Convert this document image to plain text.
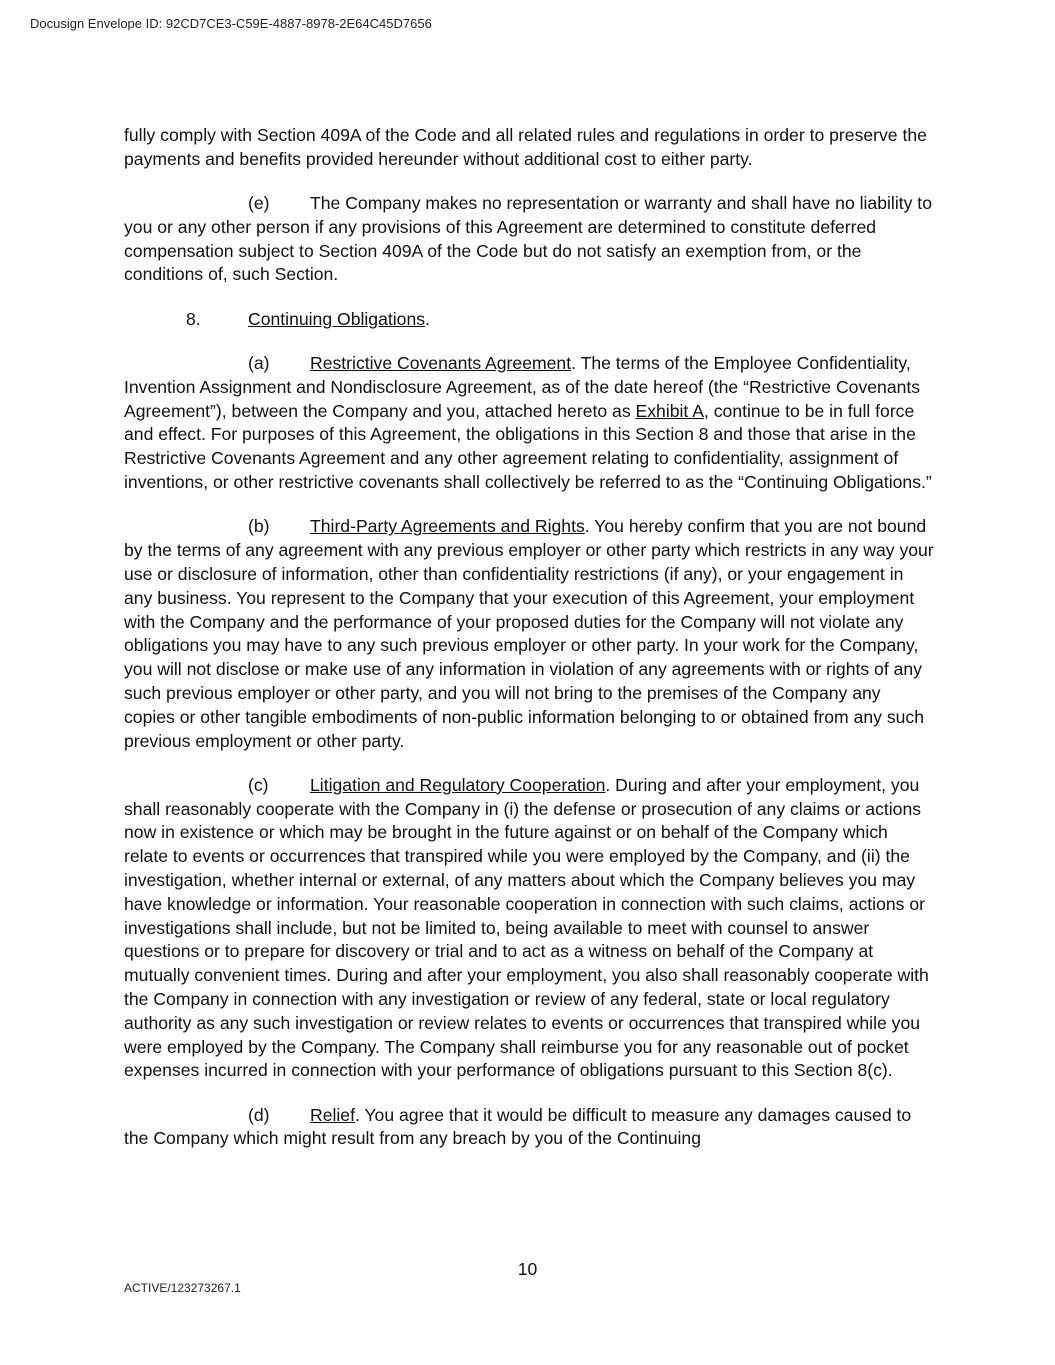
Docusign Envelope ID: 92CD7CE3-C59E-4887-8978-2E64C45D7656

fully comply with Section 409A of the Code and all related rules and regulations in order to preserve the payments and benefits provided hereunder without additional cost to either party.

(e) The Company makes no representation or warranty and shall have no liability to you or any other person if any provisions of this Agreement are determined to constitute deferred compensation subject to Section 409A of the Code but do not satisfy an exemption from, or the conditions of, such Section.

8.	Continuing Obligations.

(a) Restrictive Covenants Agreement. The terms of the Employee Confidentiality, Invention Assignment and Nondisclosure Agreement, as of the date hereof (the “Restrictive Covenants Agreement”), between the Company and you, attached hereto as Exhibit A, continue to be in full force and effect. For purposes of this Agreement, the obligations in this Section 8 and those that arise in the Restrictive Covenants Agreement and any other agreement relating to confidentiality, assignment of inventions, or other restrictive covenants shall collectively be referred to as the “Continuing Obligations.”

(b) Third-Party Agreements and Rights. You hereby confirm that you are not bound by the terms of any agreement with any previous employer or other party which restricts in any way your use or disclosure of information, other than confidentiality restrictions (if any), or your engagement in any business. You represent to the Company that your execution of this Agreement, your employment with the Company and the performance of your proposed duties for the Company will not violate any obligations you may have to any such previous employer or other party. In your work for the Company, you will not disclose or make use of any information in violation of any agreements with or rights of any such previous employer or other party, and you will not bring to the premises of the Company any copies or other tangible embodiments of non-public information belonging to or obtained from any such previous employment or other party.

(c) Litigation and Regulatory Cooperation. During and after your employment, you shall reasonably cooperate with the Company in (i) the defense or prosecution of any claims or actions now in existence or which may be brought in the future against or on behalf of the Company which relate to events or occurrences that transpired while you were employed by the Company, and (ii) the investigation, whether internal or external, of any matters about which the Company believes you may have knowledge or information. Your reasonable cooperation in connection with such claims, actions or investigations shall include, but not be limited to, being available to meet with counsel to answer questions or to prepare for discovery or trial and to act as a witness on behalf of the Company at mutually convenient times. During and after your employment, you also shall reasonably cooperate with the Company in connection with any investigation or review of any federal, state or local regulatory authority as any such investigation or review relates to events or occurrences that transpired while you were employed by the Company. The Company shall reimburse you for any reasonable out of pocket expenses incurred in connection with your performance of obligations pursuant to this Section 8(c).

(d) Relief. You agree that it would be difficult to measure any damages caused to the Company which might result from any breach by you of the Continuing

10
ACTIVE/123273267.1
